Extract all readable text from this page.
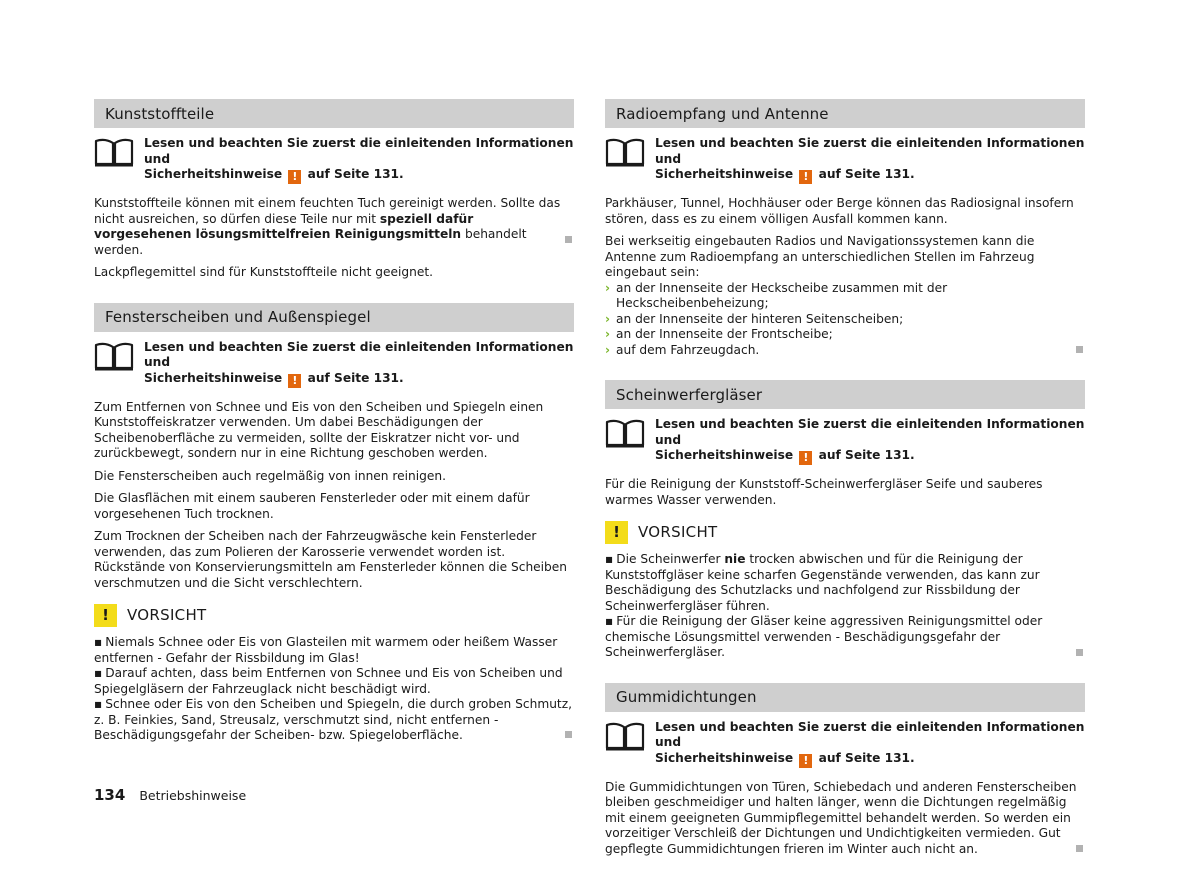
Kunststoffteile
Lesen und beachten Sie zuerst die einleitenden Informationen und
Sicherheitshinweise ! auf Seite 131.

Kunststoffteile können mit einem feuchten Tuch gereinigt werden. Sollte das nicht ausreichen, so dürfen diese Teile nur mit speziell dafür vorgesehenen lösungsmittelfreien Reinigungsmitteln behandelt werden.

Lackpflegemittel sind für Kunststoffteile nicht geeignet.

Fensterscheiben und Außenspiegel
Lesen und beachten Sie zuerst die einleitenden Informationen und
Sicherheitshinweise ! auf Seite 131.

Zum Entfernen von Schnee und Eis von den Scheiben und Spiegeln einen Kunststoffeiskratzer verwenden. Um dabei Beschädigungen der Scheibenoberfläche zu vermeiden, sollte der Eiskratzer nicht vor- und zurückbewegt, sondern nur in eine Richtung geschoben werden.

Die Fensterscheiben auch regelmäßig von innen reinigen.

Die Glasflächen mit einem sauberen Fensterleder oder mit einem dafür vorgesehenen Tuch trocknen.

Zum Trocknen der Scheiben nach der Fahrzeugwäsche kein Fensterleder verwenden, das zum Polieren der Karosserie verwendet worden ist. Rückstände von Konservierungsmitteln am Fensterleder können die Scheiben verschmutzen und die Sicht verschlechtern.

!	VORSICHT
▪ Niemals Schnee oder Eis von Glasteilen mit warmem oder heißem Wasser entfernen - Gefahr der Rissbildung im Glas!
▪ Darauf achten, dass beim Entfernen von Schnee und Eis von Scheiben und Spiegelgläsern der Fahrzeuglack nicht beschädigt wird.
▪ Schnee oder Eis von den Scheiben und Spiegeln, die durch groben Schmutz, z. B. Feinkies, Sand, Streusalz, verschmutzt sind, nicht entfernen - Beschädigungsgefahr der Scheiben- bzw. Spiegeloberfläche.
Radioempfang und Antenne
Lesen und beachten Sie zuerst die einleitenden Informationen und
Sicherheitshinweise ! auf Seite 131.

Parkhäuser, Tunnel, Hochhäuser oder Berge können das Radiosignal insofern stören, dass es zu einem völligen Ausfall kommen kann.

Bei werkseitig eingebauten Radios und Navigationssystemen kann die Antenne zum Radioempfang an unterschiedlichen Stellen im Fahrzeug eingebaut sein:

› an der Innenseite der Heckscheibe zusammen mit der Heckscheibenbeheizung;
› an der Innenseite der hinteren Seitenscheiben;
› an der Innenseite der Frontscheibe;
› auf dem Fahrzeugdach.
Scheinwerfergläser
Lesen und beachten Sie zuerst die einleitenden Informationen und
Sicherheitshinweise ! auf Seite 131.

Für die Reinigung der Kunststoff-Scheinwerfergläser Seife und sauberes warmes Wasser verwenden.

!	VORSICHT
▪ Die Scheinwerfer nie trocken abwischen und für die Reinigung der Kunststoffgläser keine scharfen Gegenstände verwenden, das kann zur Beschädigung des Schutzlacks und nachfolgend zur Rissbildung der Scheinwerfergläser führen.
▪ Für die Reinigung der Gläser keine aggressiven Reinigungsmittel oder chemische Lösungsmittel verwenden - Beschädigungsgefahr der Scheinwerfergläser.
Gummidichtungen
Lesen und beachten Sie zuerst die einleitenden Informationen und
Sicherheitshinweise ! auf Seite 131.

Die Gummidichtungen von Türen, Schiebedach und anderen Fensterscheiben bleiben geschmeidiger und halten länger, wenn die Dichtungen regelmäßig mit einem geeigneten Gummipflegemittel behandelt werden. So werden ein vorzeitiger Verschleiß der Dichtungen und Undichtigkeiten vermieden. Gut gepflegte Gummidichtungen frieren im Winter auch nicht an.

134 Betriebshinweise
